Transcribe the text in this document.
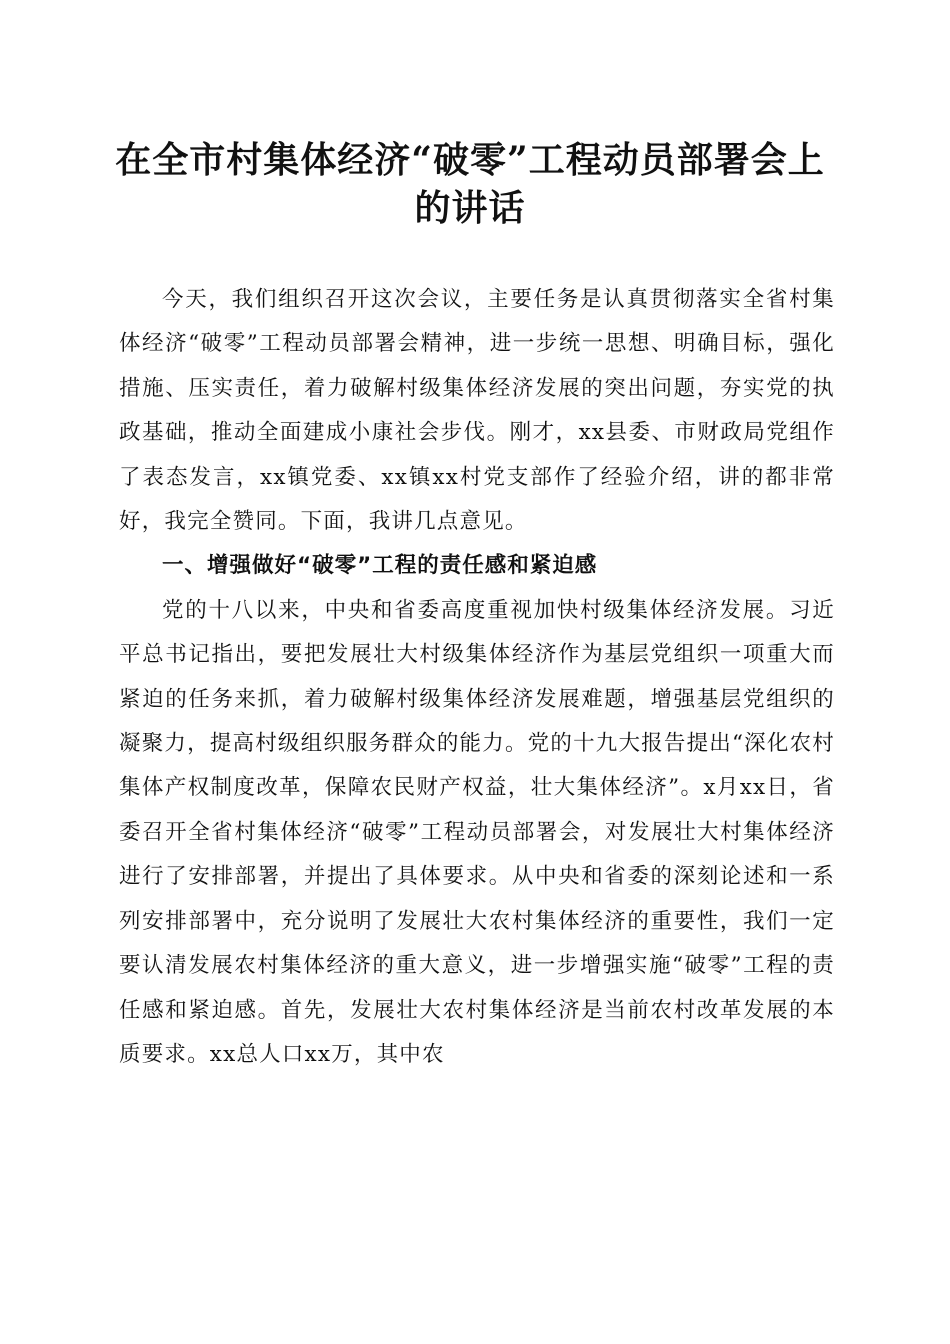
在全市村集体经济“破零”工程动员部署会上
的讲话

今天，我们组织召开这次会议，主要任务是认真贯彻落实全省村集体经济“破零”工程动员部署会精神，进一步统一思想、明确目标，强化措施、压实责任，着力破解村级集体经济发展的突出问题，夯实党的执政基础，推动全面建成小康社会步伐。刚才，xx县委、市财政局党组作了表态发言，xx镇党委、xx镇xx村党支部作了经验介绍，讲的都非常好，我完全赞同。下面，我讲几点意见。

一、增强做好“破零”工程的责任感和紧迫感

党的十八以来，中央和省委高度重视加快村级集体经济发展。习近平总书记指出，要把发展壮大村级集体经济作为基层党组织一项重大而紧迫的任务来抓，着力破解村级集体经济发展难题，增强基层党组织的凝聚力，提高村级组织服务群众的能力。党的十九大报告提出“深化农村集体产权制度改革，保障农民财产权益，壮大集体经济”。x月xx日，省委召开全省村集体经济“破零”工程动员部署会，对发展壮大村集体经济进行了安排部署，并提出了具体要求。从中央和省委的深刻论述和一系列安排部署中，充分说明了发展壮大农村集体经济的重要性，我们一定要认清发展农村集体经济的重大意义，进一步增强实施“破零”工程的责任感和紧迫感。首先，发展壮大农村集体经济是当前农村改革发展的本质要求。xx总人口xx万，其中农
